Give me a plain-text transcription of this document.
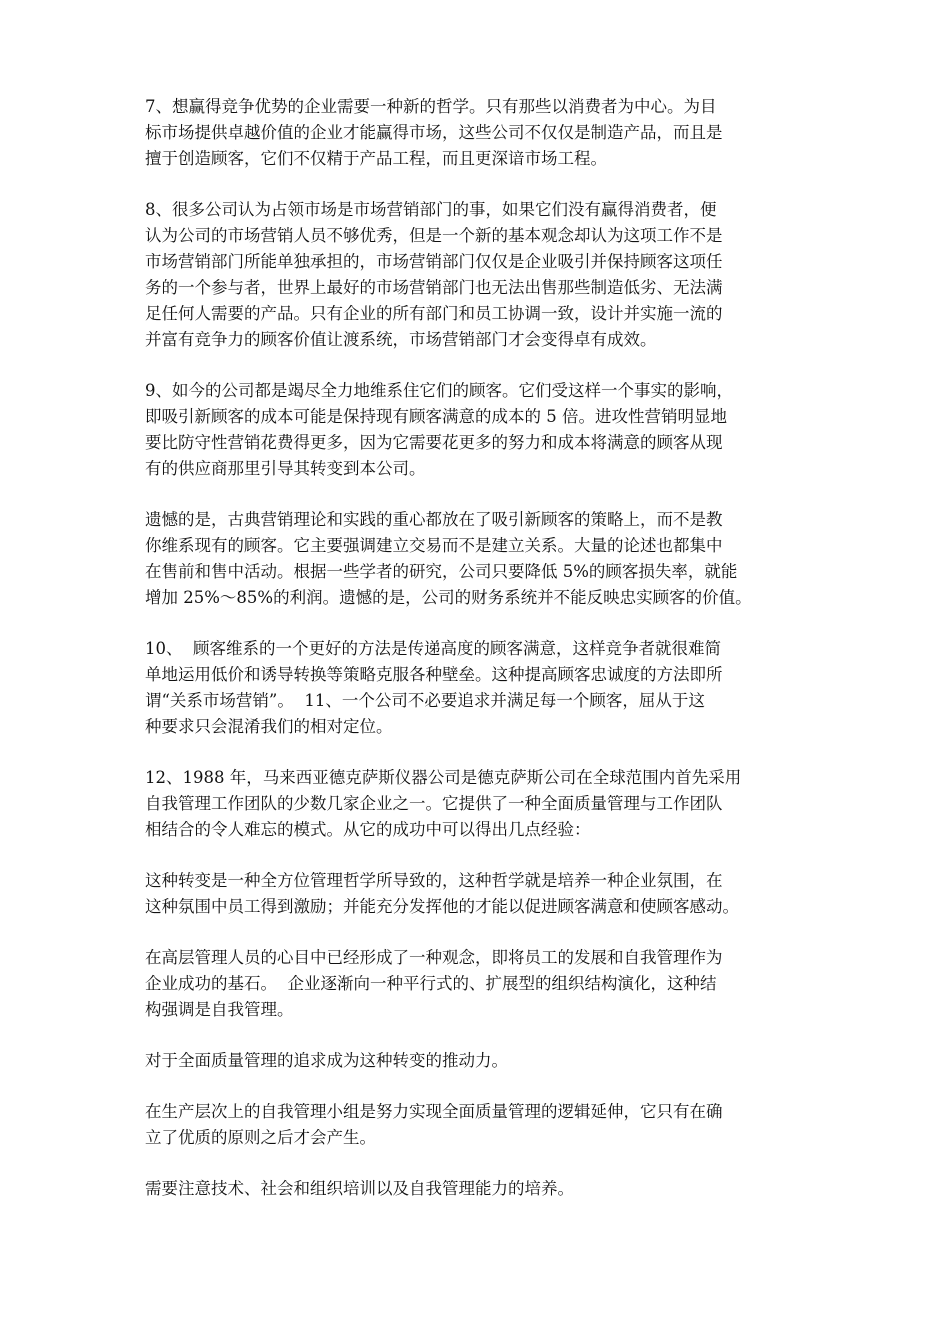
7、想赢得竞争优势的企业需要一种新的哲学。只有那些以消费者为中心。为目
标市场提供卓越价值的企业才能赢得市场，这些公司不仅仅是制造产品，而且是
擅于创造顾客，它们不仅精于产品工程，而且更深谙市场工程。

8、很多公司认为占领市场是市场营销部门的事，如果它们没有赢得消费者，便
认为公司的市场营销人员不够优秀，但是一个新的基本观念却认为这项工作不是
市场营销部门所能单独承担的，市场营销部门仅仅是企业吸引并保持顾客这项任
务的一个参与者，世界上最好的市场营销部门也无法出售那些制造低劣、无法满
足任何人需要的产品。只有企业的所有部门和员工协调一致，设计并实施一流的
并富有竞争力的顾客价值让渡系统，市场营销部门才会变得卓有成效。

9、如今的公司都是竭尽全力地维系住它们的顾客。它们受这样一个事实的影响，
即吸引新顾客的成本可能是保持现有顾客满意的成本的 5 倍。进攻性营销明显地
要比防守性营销花费得更多，因为它需要花更多的努力和成本将满意的顾客从现
有的供应商那里引导其转变到本公司。

遗憾的是，古典营销理论和实践的重心都放在了吸引新顾客的策略上，而不是教
你维系现有的顾客。它主要强调建立交易而不是建立关系。大量的论述也都集中
在售前和售中活动。根据一些学者的研究，公司只要降低 5%的顾客损失率，就能
增加 25%～85%的利润。遗憾的是，公司的财务系统并不能反映忠实顾客的价值。

10、  顾客维系的一个更好的方法是传递高度的顾客满意，这样竞争者就很难简
单地运用低价和诱导转换等策略克服各种壁垒。这种提高顾客忠诚度的方法即所
谓“关系市场营销”。  11、一个公司不必要追求并满足每一个顾客，屈从于这
种要求只会混淆我们的相对定位。

12、1988 年，马来西亚德克萨斯仪器公司是德克萨斯公司在全球范围内首先采用
自我管理工作团队的少数几家企业之一。它提供了一种全面质量管理与工作团队
相结合的令人难忘的模式。从它的成功中可以得出几点经验：

这种转变是一种全方位管理哲学所导致的，这种哲学就是培养一种企业氛围，在
这种氛围中员工得到激励；并能充分发挥他的才能以促进顾客满意和使顾客感动。

在高层管理人员的心目中已经形成了一种观念，即将员工的发展和自我管理作为
企业成功的基石。  企业逐渐向一种平行式的、扩展型的组织结构演化，这种结
构强调是自我管理。

对于全面质量管理的追求成为这种转变的推动力。

在生产层次上的自我管理小组是努力实现全面质量管理的逻辑延伸，它只有在确
立了优质的原则之后才会产生。

需要注意技术、社会和组织培训以及自我管理能力的培养。
